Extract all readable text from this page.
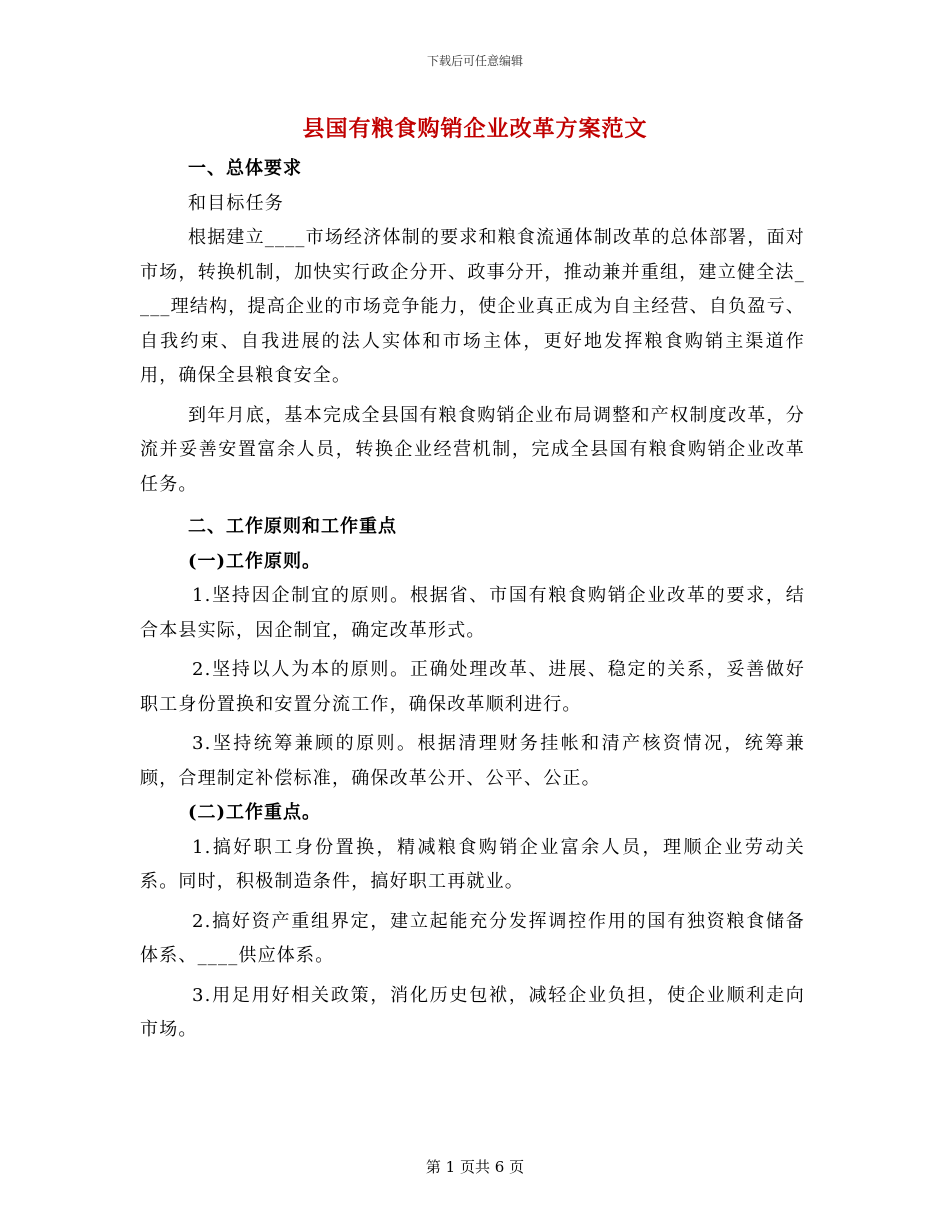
下载后可任意编辑
县国有粮食购销企业改革方案范文

一、总体要求

和目标任务

根据建立____市场经济体制的要求和粮食流通体制改革的总体部署，面对市场，转换机制，加快实行政企分开、政事分开，推动兼并重组，建立健全法____理结构，提高企业的市场竞争能力，使企业真正成为自主经营、自负盈亏、自我约束、自我进展的法人实体和市场主体，更好地发挥粮食购销主渠道作用，确保全县粮食安全。

到年月底，基本完成全县国有粮食购销企业布局调整和产权制度改革，分流并妥善安置富余人员，转换企业经营机制，完成全县国有粮食购销企业改革任务。

二、工作原则和工作重点

(一)工作原则。

1.坚持因企制宜的原则。根据省、市国有粮食购销企业改革的要求，结合本县实际，因企制宜，确定改革形式。

2.坚持以人为本的原则。正确处理改革、进展、稳定的关系，妥善做好职工身份置换和安置分流工作，确保改革顺利进行。

3.坚持统筹兼顾的原则。根据清理财务挂帐和清产核资情况，统筹兼顾，合理制定补偿标准，确保改革公开、公平、公正。

(二)工作重点。

1.搞好职工身份置换，精减粮食购销企业富余人员，理顺企业劳动关系。同时，积极制造条件，搞好职工再就业。

2.搞好资产重组界定，建立起能充分发挥调控作用的国有独资粮食储备体系、____供应体系。

3.用足用好相关政策，消化历史包袱，减轻企业负担，使企业顺利走向市场。

第 1 页共 6 页
